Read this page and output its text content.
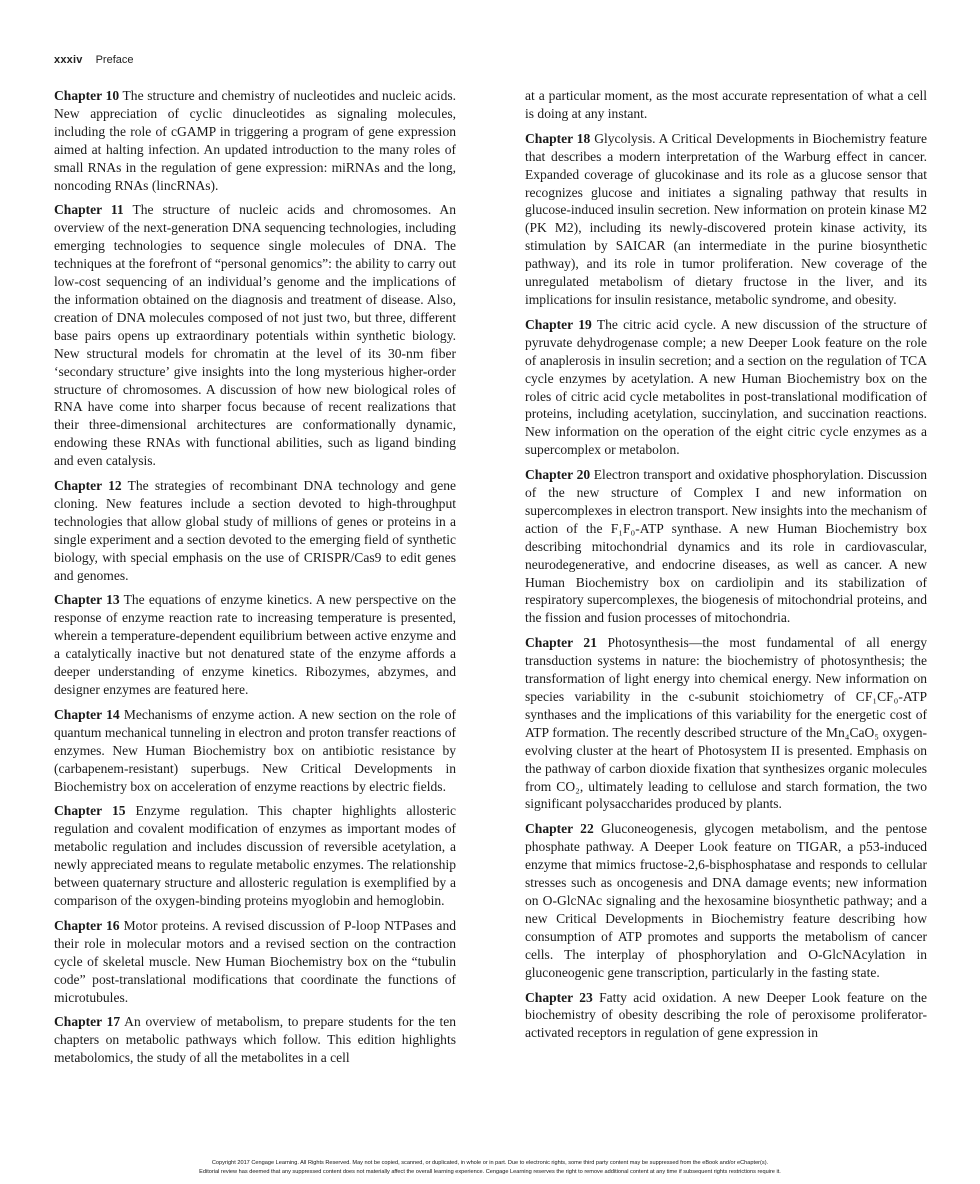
xxxiv Preface

Chapter 10 The structure and chemistry of nucleotides and nucleic acids. New appreciation of cyclic dinucleotides as signaling molecules, including the role of cGAMP in triggering a program of gene expression aimed at halting infection. An updated introduction to the many roles of small RNAs in the regulation of gene expression: miRNAs and the long, noncoding RNAs (lincRNAs).

Chapter 11 The structure of nucleic acids and chromosomes. An overview of the next-generation DNA sequencing technologies, including emerging technologies to sequence single molecules of DNA. The techniques at the forefront of “personal genomics”: the ability to carry out low-cost sequencing of an individual’s genome and the implications of the information obtained on the diagnosis and treatment of disease. Also, creation of DNA molecules composed of not just two, but three, different base pairs opens up extraordinary potentials within synthetic biology. New structural models for chromatin at the level of its 30-nm fiber ‘secondary structure’ give insights into the long mysterious higher-order structure of chromosomes. A discussion of how new biological roles of RNA have come into sharper focus because of recent realizations that their three-dimensional architectures are conformationally dynamic, endowing these RNAs with functional abilities, such as ligand binding and even catalysis.

Chapter 12 The strategies of recombinant DNA technology and gene cloning. New features include a section devoted to high-throughput technologies that allow global study of millions of genes or proteins in a single experiment and a section devoted to the emerging field of synthetic biology, with special emphasis on the use of CRISPR/Cas9 to edit genes and genomes.

Chapter 13 The equations of enzyme kinetics. A new perspective on the response of enzyme reaction rate to increasing temperature is presented, wherein a temperature-dependent equilibrium between active enzyme and a catalytically inactive but not denatured state of the enzyme affords a deeper understanding of enzyme kinetics. Ribozymes, abzymes, and designer enzymes are featured here.

Chapter 14 Mechanisms of enzyme action. A new section on the role of quantum mechanical tunneling in electron and proton transfer reactions of enzymes. New Human Biochemistry box on antibiotic resistance by (carbapenem-resistant) superbugs. New Critical Developments in Biochemistry box on acceleration of enzyme reactions by electric fields.

Chapter 15 Enzyme regulation. This chapter highlights allosteric regulation and covalent modification of enzymes as important modes of metabolic regulation and includes discussion of reversible acetylation, a newly appreciated means to regulate metabolic enzymes. The relationship between quaternary structure and allosteric regulation is exemplified by a comparison of the oxygen-binding proteins myoglobin and hemoglobin.

Chapter 16 Motor proteins. A revised discussion of P-loop NTPases and their role in molecular motors and a revised section on the contraction cycle of skeletal muscle. New Human Biochemistry box on the “tubulin code” post-translational modifications that coordinate the functions of microtubules.

Chapter 17 An overview of metabolism, to prepare students for the ten chapters on metabolic pathways which follow. This edition highlights metabolomics, the study of all the metabolites in a cell

at a particular moment, as the most accurate representation of what a cell is doing at any instant.

Chapter 18 Glycolysis. A Critical Developments in Biochemistry feature that describes a modern interpretation of the Warburg effect in cancer. Expanded coverage of glucokinase and its role as a glucose sensor that recognizes glucose and initiates a signaling pathway that results in glucose-induced insulin secretion. New information on protein kinase M2 (PK M2), including its newly-discovered protein kinase activity, its stimulation by SAICAR (an intermediate in the purine biosynthetic pathway), and its role in tumor proliferation. New coverage of the unregulated metabolism of dietary fructose in the liver, and its implications for insulin resistance, metabolic syndrome, and obesity.

Chapter 19 The citric acid cycle. A new discussion of the structure of pyruvate dehydrogenase comple; a new Deeper Look feature on the role of anaplerosis in insulin secretion; and a section on the regulation of TCA cycle enzymes by acetylation. A new Human Biochemistry box on the roles of citric acid cycle metabolites in post-translational modification of proteins, including acetylation, succinylation, and succination reactions. New information on the operation of the eight citric cycle enzymes as a supercomplex or metabolon.

Chapter 20 Electron transport and oxidative phosphorylation. Discussion of the new structure of Complex I and new information on supercomplexes in electron transport. New insights into the mechanism of action of the F₁F₀-ATP synthase. A new Human Biochemistry box describing mitochondrial dynamics and its role in cardiovascular, neurodegenerative, and endocrine diseases, as well as cancer. A new Human Biochemistry box on cardiolipin and its stabilization of respiratory supercomplexes, the biogenesis of mitochondrial proteins, and the fission and fusion processes of mitochondria.

Chapter 21 Photosynthesis—the most fundamental of all energy transduction systems in nature: the biochemistry of photosynthesis; the transformation of light energy into chemical energy. New information on species variability in the c-subunit stoichiometry of CF₁CF₀-ATP synthases and the implications of this variability for the energetic cost of ATP formation. The recently described structure of the Mn₄CaO₅ oxygen-evolving cluster at the heart of Photosystem II is presented. Emphasis on the pathway of carbon dioxide fixation that synthesizes organic molecules from CO₂, ultimately leading to cellulose and starch formation, the two significant polysaccharides produced by plants.

Chapter 22 Gluconeogenesis, glycogen metabolism, and the pentose phosphate pathway. A Deeper Look feature on TIGAR, a p53-induced enzyme that mimics fructose-2,6-bisphosphatase and responds to cellular stresses such as oncogenesis and DNA damage events; new information on O-GlcNAc signaling and the hexosamine biosynthetic pathway; and a new Critical Developments in Biochemistry feature describing how consumption of ATP promotes and supports the metabolism of cancer cells. The interplay of phosphorylation and O-GlcNAcylation in gluconeogenic gene transcription, particularly in the fasting state.

Chapter 23 Fatty acid oxidation. A new Deeper Look feature on the biochemistry of obesity describing the role of peroxisome proliferator-activated receptors in regulation of gene expression in

Copyright 2017 Cengage Learning. All Rights Reserved. May not be copied, scanned, or duplicated, in whole or in part. Due to electronic rights, some third party content may be suppressed from the eBook and/or eChapter(s).
Editorial review has deemed that any suppressed content does not materially affect the overall learning experience. Cengage Learning reserves the right to remove additional content at any time if subsequent rights restrictions require it.
